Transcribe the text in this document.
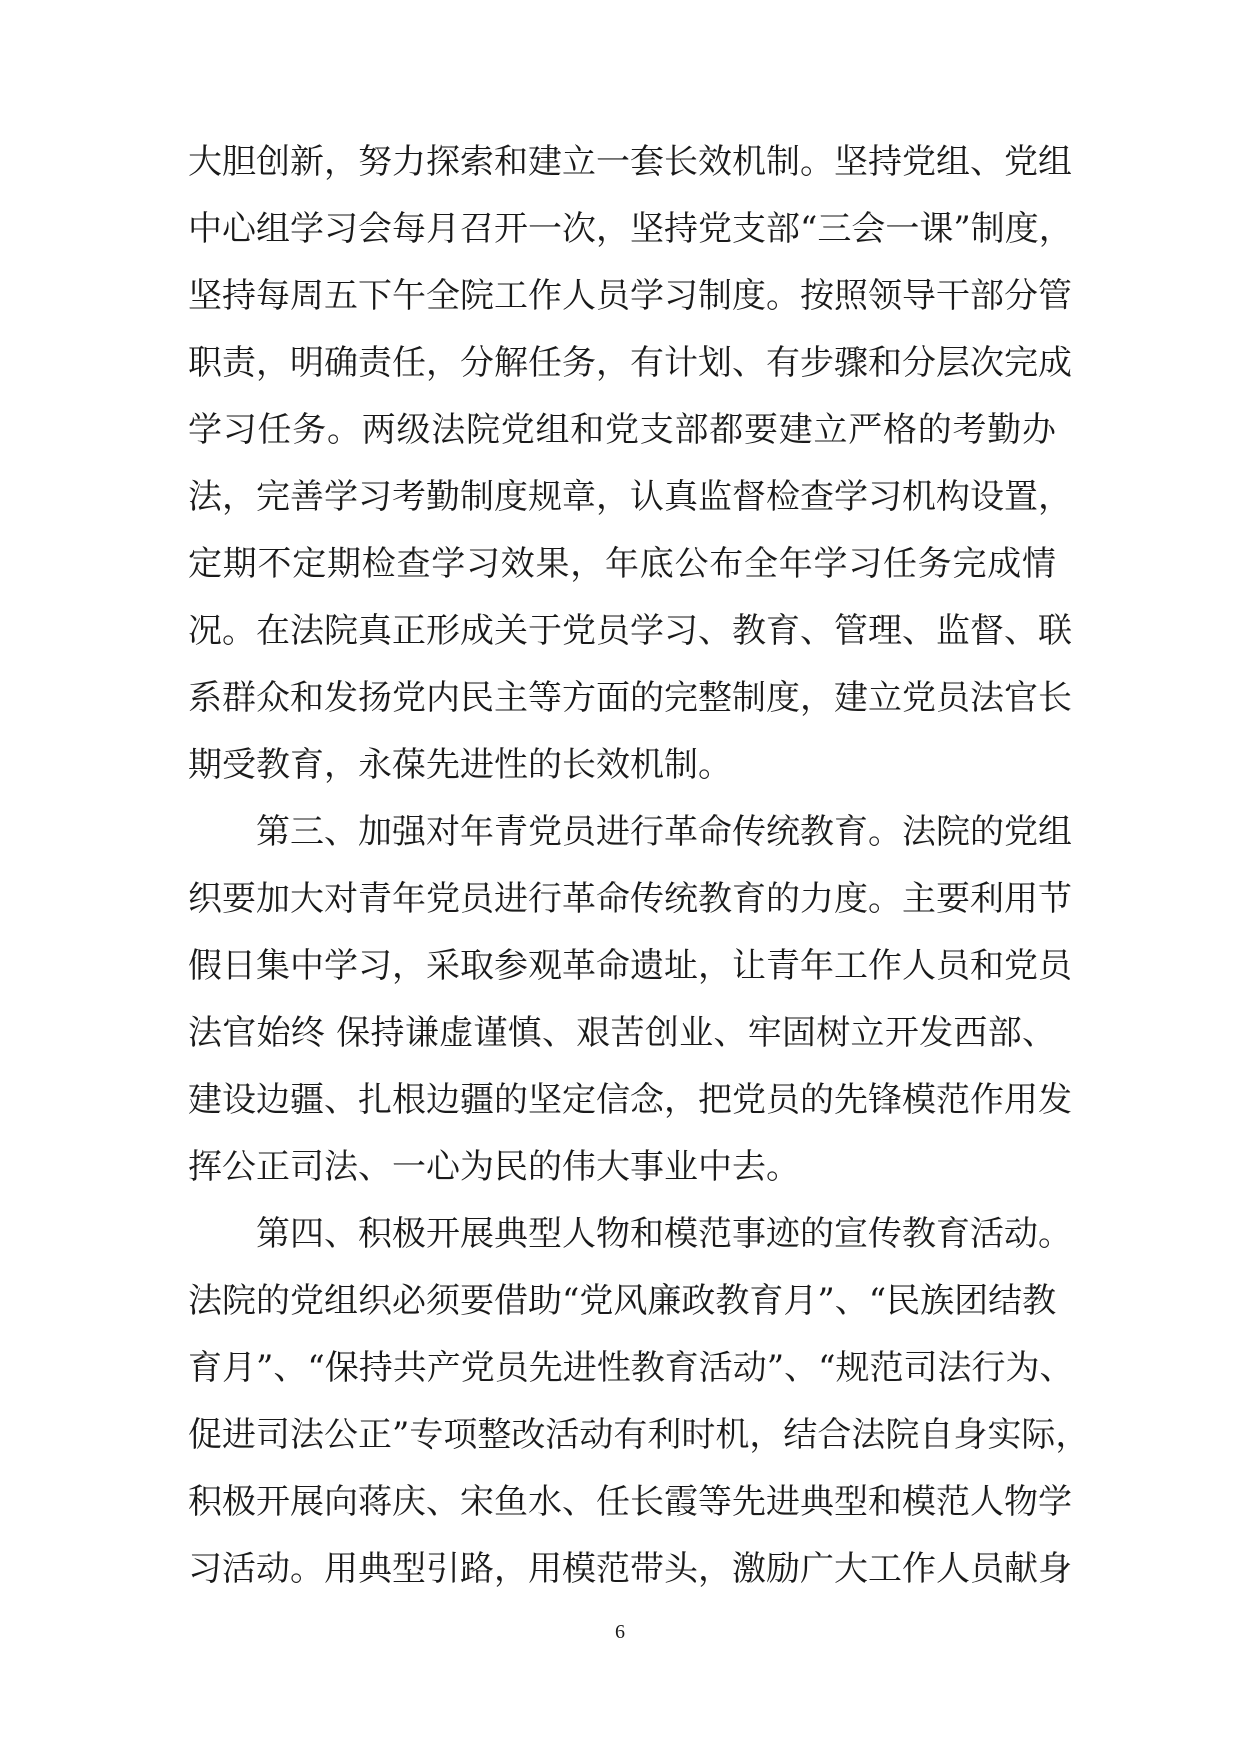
大胆创新，努力探索和建立一套长效机制。坚持党组、党组
中心组学习会每月召开一次，坚持党支部“三会一课”制度，
坚持每周五下午全院工作人员学习制度。按照领导干部分管
职责，明确责任，分解任务，有计划、有步骤和分层次完成
学习任务。两级法院党组和党支部都要建立严格的考勤办
法，完善学习考勤制度规章，认真监督检查学习机构设置，
定期不定期检查学习效果，年底公布全年学习任务完成情
况。在法院真正形成关于党员学习、教育、管理、监督、联
系群众和发扬党内民主等方面的完整制度，建立党员法官长
期受教育，永葆先进性的长效机制。
第三、加强对年青党员进行革命传统教育。法院的党组
织要加大对青年党员进行革命传统教育的力度。主要利用节
假日集中学习，采取参观革命遗址，让青年工作人员和党员
法官始终 保持谦虚谨慎、艰苦创业、牢固树立开发西部、
建设边疆、扎根边疆的坚定信念，把党员的先锋模范作用发
挥公正司法、一心为民的伟大事业中去。
第四、积极开展典型人物和模范事迹的宣传教育活动。
法院的党组织必须要借助“党风廉政教育月”、“民族团结教
育月”、“保持共产党员先进性教育活动”、“规范司法行为、
促进司法公正”专项整改活动有利时机，结合法院自身实际，
积极开展向蒋庆、宋鱼水、任长霞等先进典型和模范人物学
习活动。用典型引路，用模范带头，激励广大工作人员献身
6
